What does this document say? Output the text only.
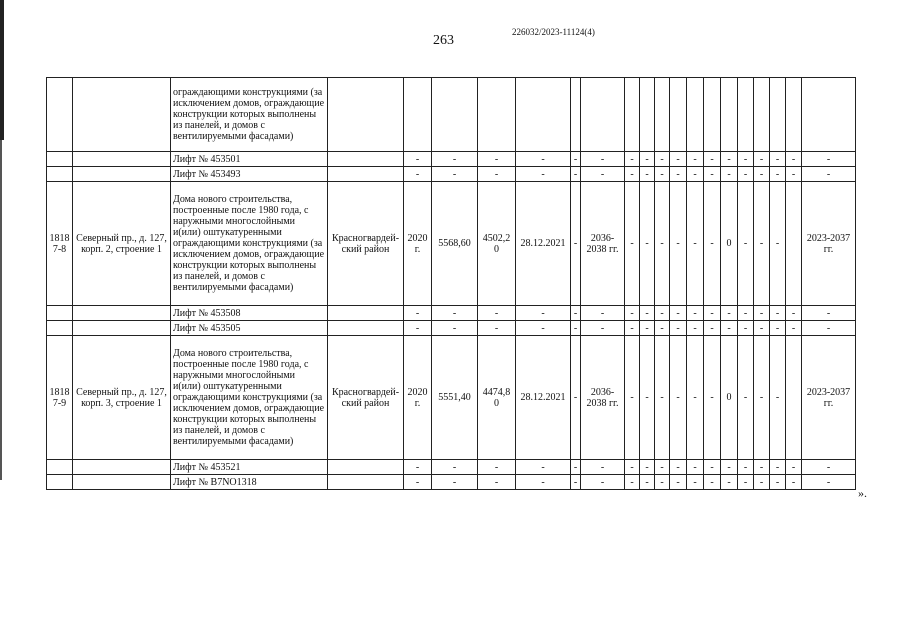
263
226032/2023-11124(4)
		ограждающими конструкциями (за исключением домов, ограждающие конструкции которых выполнены из панелей, и домов с вентилируемыми фасадами)																			
		Лифт № 453501		-	-	-	-	-	-	-	-	-	-	-	-	-	-	-	-	-	-
		Лифт № 453493		-	-	-	-	-	-	-	-	-	-	-	-	-	-	-	-	-	-
1818 7-8	Северный пр., д. 127, корп. 2, строение 1	Дома нового строительства, построенные после 1980 года, с наружными многослойными и(или) оштукатуренными ограждающими конструкциями (за исключением домов, ограждающие конструкции которых выполнены из панелей, и домов с вентилируемыми фасадами)	Красногвардей-ский район	2020 г.	5568,60	4502,2 0	28.12.2021	-	2036-2038 гг.	-	-	-	-	-	-	0	-	-	-		2023-2037 гг.
		Лифт № 453508		-	-	-	-	-	-	-	-	-	-	-	-	-	-	-	-	-	-
		Лифт № 453505		-	-	-	-	-	-	-	-	-	-	-	-	-	-	-	-	-	-
1818 7-9	Северный пр., д. 127, корп. 3, строение 1	Дома нового строительства, построенные после 1980 года, с наружными многослойными и(или) оштукатуренными ограждающими конструкциями (за исключением домов, ограждающие конструкции которых выполнены из панелей, и домов с вентилируемыми фасадами)	Красногвардей-ский район	2020 г.	5551,40	4474,8 0	28.12.2021	-	2036-2038 гг.	-	-	-	-	-	-	0	-	-	-		2023-2037 гг.
		Лифт № 453521		-	-	-	-	-	-	-	-	-	-	-	-	-	-	-	-	-	-
		Лифт № B7NO1318		-	-	-	-	-	-	-	-	-	-	-	-	-	-	-	-	-	-
».
